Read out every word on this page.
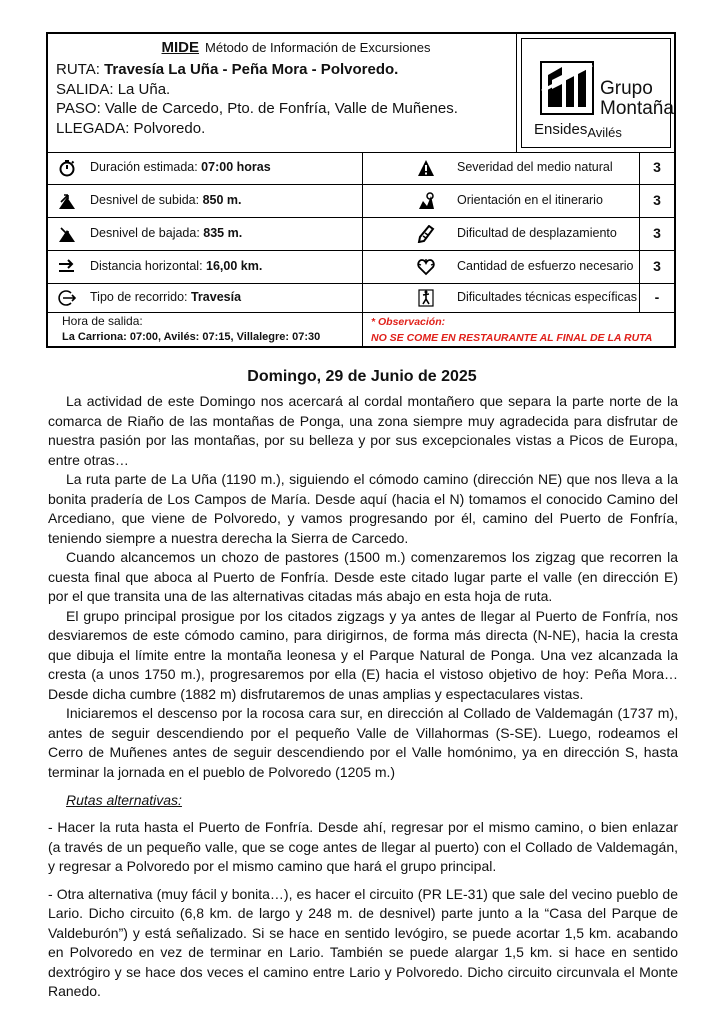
MIDE Método de Información de Excursiones
RUTA: Travesía La Uña - Peña Mora - Polvoredo.
SALIDA: La Uña.
PASO: Valle de Carcedo, Pto. de Fonfría, Valle de Muñenes.
LLEGADA: Polvoredo.
Grupo
Montaña
EnsidesAvilés
Duración estimada: 07:00 horas	Severidad del medio natural	3
Desnivel de subida: 850 m.	Orientación en el itinerario	3
Desnivel de bajada: 835 m.	Dificultad de desplazamiento	3
Distancia horizontal: 16,00 km.	Cantidad de esfuerzo necesario	3
Tipo de recorrido: Travesía	Dificultades técnicas específicas	-
Hora de salida:
La Carriona: 07:00, Avilés: 07:15, Villalegre: 07:30
* Observación:
NO SE COME EN RESTAURANTE AL FINAL DE LA RUTA
Domingo, 29 de Junio de 2025

La actividad de este Domingo nos acercará al cordal montañero que separa la parte norte de la comarca de Riaño de las montañas de Ponga, una zona siempre muy agradecida para disfrutar de nuestra pasión por las montañas, por su belleza y por sus excepcionales vistas a Picos de Europa, entre otras…

La ruta parte de La Uña (1190 m.), siguiendo el cómodo camino (dirección NE) que nos lleva a la bonita pradería de Los Campos de María. Desde aquí (hacia el N) tomamos el conocido Camino del Arcediano, que viene de Polvoredo, y vamos progresando por él, camino del Puerto de Fonfría, teniendo siempre a nuestra derecha la Sierra de Carcedo.

Cuando alcancemos un chozo de pastores (1500 m.) comenzaremos los zigzag que recorren la cuesta final que aboca al Puerto de Fonfría. Desde este citado lugar parte el valle (en dirección E) por el que transita una de las alternativas citadas más abajo en esta hoja de ruta.

El grupo principal prosigue por los citados zigzags y ya antes de llegar al Puerto de Fonfría, nos desviaremos de este cómodo camino, para dirigirnos, de forma más directa (N-NE), hacia la cresta que dibuja el límite entre la montaña leonesa y el Parque Natural de Ponga. Una vez alcanzada la cresta (a unos 1750 m.), progresaremos por ella (E) hacia el vistoso objetivo de hoy: Peña Mora… Desde dicha cumbre (1882 m) disfrutaremos de unas amplias y espectaculares vistas.

Iniciaremos el descenso por la rocosa cara sur, en dirección al Collado de Valdemagán (1737 m), antes de seguir descendiendo por el pequeño Valle de Villahormas (S-SE). Luego, rodeamos el Cerro de Muñenes antes de seguir descendiendo por el Valle homónimo, ya en dirección S, hasta terminar la jornada en el pueblo de Polvoredo (1205 m.)

Rutas alternativas:

- Hacer la ruta hasta el Puerto de Fonfría. Desde ahí, regresar por el mismo camino, o bien enlazar (a través de un pequeño valle, que se coge antes de llegar al puerto) con el Collado de Valdemagán, y regresar a Polvoredo por el mismo camino que hará el grupo principal.

- Otra alternativa (muy fácil y bonita…), es hacer el circuito (PR LE-31) que sale del vecino pueblo de Lario. Dicho circuito (6,8 km. de largo y 248 m. de desnivel) parte junto a la “Casa del Parque de Valdeburón”) y está señalizado. Si se hace en sentido levógiro, se puede acortar 1,5 km. acabando en Polvoredo en vez de terminar en Lario. También se puede alargar 1,5 km. si hace en sentido dextrógiro y se hace dos veces el camino entre Lario y Polvoredo. Dicho circuito circunvala el Monte Ranedo.
